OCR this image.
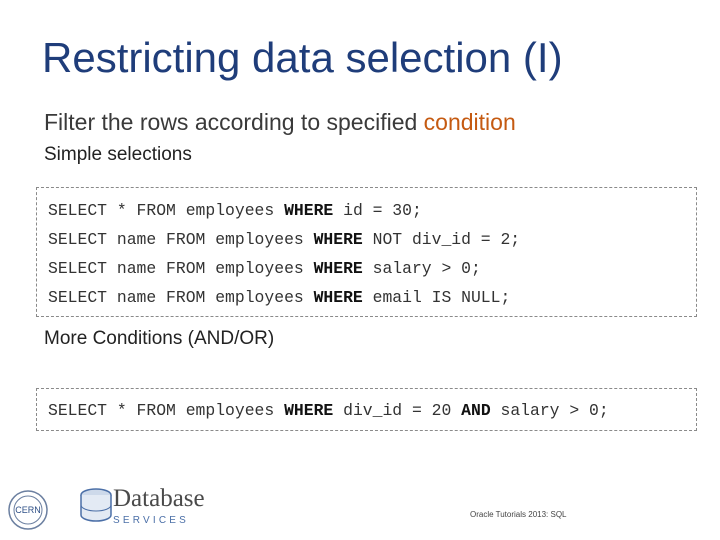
Restricting data selection (I)
Filter the rows according to specified condition
Simple selections
SELECT * FROM employees WHERE id = 30;
SELECT name FROM employees WHERE NOT div_id = 2;
SELECT name FROM employees WHERE salary > 0;
SELECT name FROM employees WHERE email IS NULL;
More Conditions (AND/OR)
SELECT * FROM employees WHERE div_id = 20 AND salary > 0;
CERN	Database
SERVICES
Oracle Tutorials 2013: SQL
